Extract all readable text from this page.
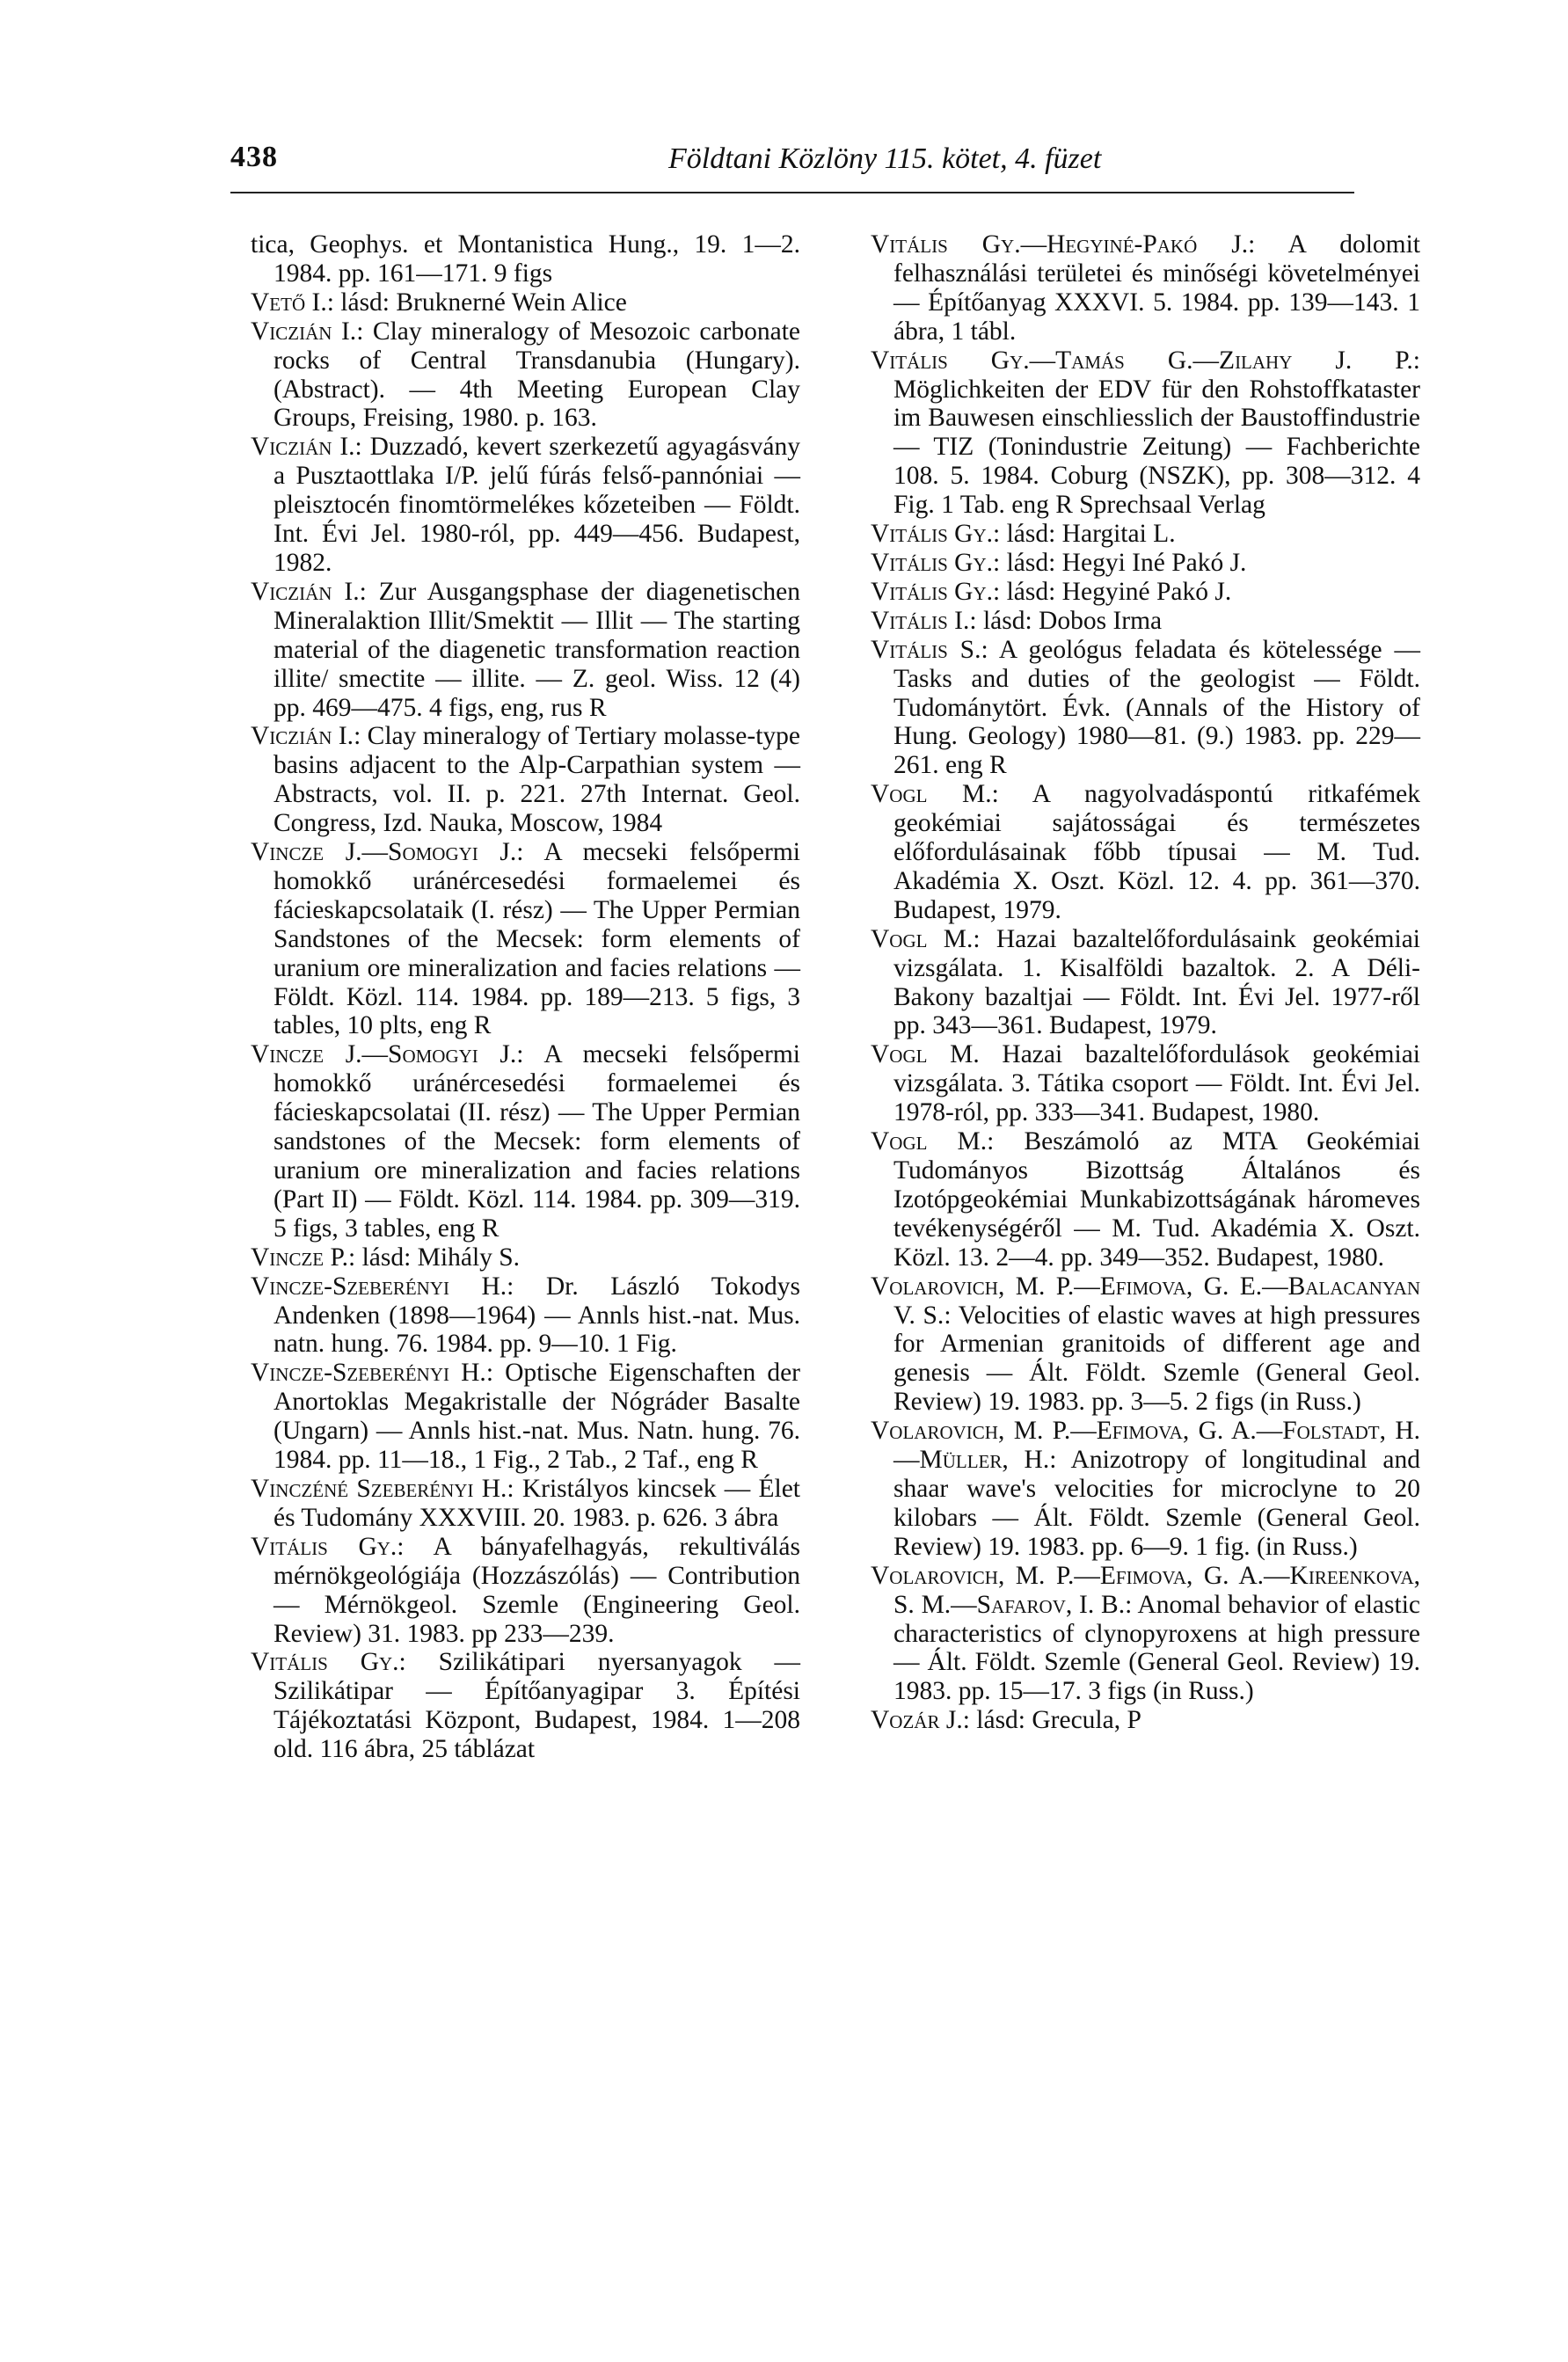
438	Földtani Közlöny 115. kötet, 4. füzet

tica, Geophys. et Montanistica Hung., 19. 1—2. 1984. pp. 161—171. 9 figs

Vető I.: lásd: Bruknerné Wein Alice

Viczián I.: Clay mineralogy of Mesozoic carbonate rocks of Central Transdanubia (Hungary). (Abstract). — 4th Meeting European Clay Groups, Freising, 1980. p. 163.

Viczián I.: Duzzadó, kevert szerkezetű agyagásvány a Pusztaottlaka I/P. jelű fúrás felső-pannóniai — pleisztocén finomtörmelékes kőzeteiben — Földt. Int. Évi Jel. 1980-ról, pp. 449—456. Budapest, 1982.

Viczián I.: Zur Ausgangsphase der diagenetischen Mineralaktion Illit/Smektit — Illit — The starting material of the diagenetic transformation reaction illite/ smectite — illite. — Z. geol. Wiss. 12 (4) pp. 469—475. 4 figs, eng, rus R

Viczián I.: Clay mineralogy of Tertiary molasse-type basins adjacent to the Alp-Carpathian system — Abstracts, vol. II. p. 221. 27th Internat. Geol. Congress, Izd. Nauka, Moscow, 1984

Vincze J.—Somogyi J.: A mecseki felsőpermi homokkő uránércesedési formaelemei és fácieskapcsolataik (I. rész) — The Upper Permian Sandstones of the Mecsek: form elements of uranium ore mineralization and facies relations — Földt. Közl. 114. 1984. pp. 189—213. 5 figs, 3 tables, 10 plts, eng R

Vincze J.—Somogyi J.: A mecseki felsőpermi homokkő uránércesedési formaelemei és fácieskapcsolatai (II. rész) — The Upper Permian sandstones of the Mecsek: form elements of uranium ore mineralization and facies relations (Part II) — Földt. Közl. 114. 1984. pp. 309—319. 5 figs, 3 tables, eng R

Vincze P.: lásd: Mihály S.

Vincze-Szeberényi H.: Dr. László Tokodys Andenken (1898—1964) — Annls hist.-nat. Mus. natn. hung. 76. 1984. pp. 9—10. 1 Fig.

Vincze-Szeberényi H.: Optische Eigenschaften der Anortoklas Megakristalle der Nógráder Basalte (Ungarn) — Annls hist.-nat. Mus. Natn. hung. 76. 1984. pp. 11—18., 1 Fig., 2 Tab., 2 Taf., eng R

Vinczéné Szeberényi H.: Kristályos kincsek — Élet és Tudomány XXXVIII. 20. 1983. p. 626. 3 ábra

Vitális Gy.: A bányafelhagyás, rekultiválás mérnökgeológiája (Hozzászólás) — Contribution — Mérnökgeol. Szemle (Engineering Geol. Review) 31. 1983. pp 233—239.

Vitális Gy.: Szilikátipari nyersanyagok — Szilikátipar — Építőanyagipar 3. Építési Tájékoztatási Központ, Budapest, 1984. 1—208 old. 116 ábra, 25 táblázat

Vitális Gy.—Hegyiné-Pakó J.: A dolomit felhasználási területei és minőségi követelményei — Építőanyag XXXVI. 5. 1984. pp. 139—143. 1 ábra, 1 tábl.

Vitális Gy.—Tamás G.—Zilahy J. P.: Möglichkeiten der EDV für den Rohstoffkataster im Bauwesen einschliesslich der Baustoffindustrie — TIZ (Tonindustrie Zeitung) — Fachberichte 108. 5. 1984. Coburg (NSZK), pp. 308—312. 4 Fig. 1 Tab. eng R Sprechsaal Verlag

Vitális Gy.: lásd: Hargitai L.

Vitális Gy.: lásd: Hegyi Iné Pakó J.

Vitális Gy.: lásd: Hegyiné Pakó J.

Vitális I.: lásd: Dobos Irma

Vitális S.: A geológus feladata és kötelessége — Tasks and duties of the geologist — Földt. Tudománytört. Évk. (Annals of the History of Hung. Geology) 1980—81. (9.) 1983. pp. 229—261. eng R

Vogl M.: A nagyolvadáspontú ritkafémek geokémiai sajátosságai és természetes előfordulásainak főbb típusai — M. Tud. Akadémia X. Oszt. Közl. 12. 4. pp. 361—370. Budapest, 1979.

Vogl M.: Hazai bazaltelőfordulásaink geokémiai vizsgálata. 1. Kisalföldi bazaltok. 2. A Déli-Bakony bazaltjai — Földt. Int. Évi Jel. 1977-ről pp. 343—361. Budapest, 1979.

Vogl M. Hazai bazaltelőfordulások geokémiai vizsgálata. 3. Tátika csoport — Földt. Int. Évi Jel. 1978-ról, pp. 333—341. Budapest, 1980.

Vogl M.: Beszámoló az MTA Geokémiai Tudományos Bizottság Általános és Izotópgeokémiai Munkabizottságának háromeves tevékenységéről — M. Tud. Akadémia X. Oszt. Közl. 13. 2—4. pp. 349—352. Budapest, 1980.

Volarovich, M. P.—Efimova, G. E.—Balacanyan V. S.: Velocities of elastic waves at high pressures for Armenian granitoids of different age and genesis — Ált. Földt. Szemle (General Geol. Review) 19. 1983. pp. 3—5. 2 figs (in Russ.)

Volarovich, M. P.—Efimova, G. A.—Folstadt, H.—Müller, H.: Anizotropy of longitudinal and shaar wave's velocities for microclyne to 20 kilobars — Ált. Földt. Szemle (General Geol. Review) 19. 1983. pp. 6—9. 1 fig. (in Russ.)

Volarovich, M. P.—Efimova, G. A.—Kireenkova, S. M.—Safarov, I. B.: Anomal behavior of elastic characteristics of clynopyroxens at high pressure — Ált. Földt. Szemle (General Geol. Review) 19. 1983. pp. 15—17. 3 figs (in Russ.)

Vozár J.: lásd: Grecula, P
